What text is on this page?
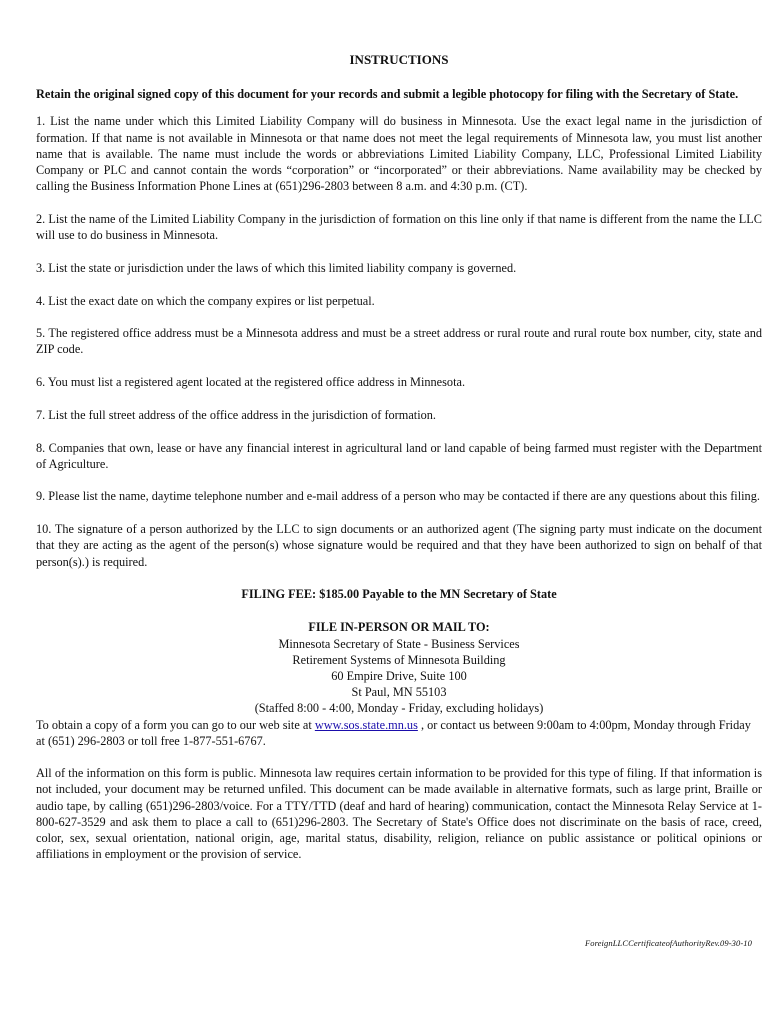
INSTRUCTIONS
Retain the original signed copy of this document for your records and submit a legible photocopy for filing with the Secretary of State.
1. List the name under which this Limited Liability Company will do business in Minnesota. Use the exact legal name in the jurisdiction of formation. If that name is not available in Minnesota or that name does not meet the legal requirements of Minnesota law, you must list another name that is available. The name must include the words or abbreviations Limited Liability Company, LLC, Professional Limited Liability Company or PLC and cannot contain the words “corporation” or “incorporated” or their abbreviations. Name availability may be checked by calling the Business Information Phone Lines at (651)296-2803 between 8 a.m. and 4:30 p.m. (CT).
2. List the name of the Limited Liability Company in the jurisdiction of formation on this line only if that name is different from the name the LLC will use to do business in Minnesota.
3. List the state or jurisdiction under the laws of which this limited liability company is governed.
4. List the exact date on which the company expires or list perpetual.
5. The registered office address must be a Minnesota address and must be a street address or rural route and rural route box number, city, state and ZIP code.
6. You must list a registered agent located at the registered office address in Minnesota.
7. List the full street address of the office address in the jurisdiction of formation.
8. Companies that own, lease or have any financial interest in agricultural land or land capable of being farmed must register with the Department of Agriculture.
9. Please list the name, daytime telephone number and e-mail address of a person who may be contacted if there are any questions about this filing.
10. The signature of a person authorized by the LLC to sign documents or an authorized agent (The signing party must indicate on the document that they are acting as the agent of the person(s) whose signature would be required and that they have been authorized to sign on behalf of that person(s).) is required.
FILING FEE: $185.00 Payable to the MN Secretary of State
FILE IN-PERSON OR MAIL TO:
Minnesota Secretary of State - Business Services
Retirement Systems of Minnesota Building
60 Empire Drive, Suite 100
St Paul, MN 55103
(Staffed 8:00 - 4:00, Monday - Friday, excluding holidays)
To obtain a copy of a form you can go to our web site at www.sos.state.mn.us , or contact us between 9:00am to 4:00pm, Monday through Friday at (651) 296-2803 or toll free 1-877-551-6767.
All of the information on this form is public. Minnesota law requires certain information to be provided for this type of filing. If that information is not included, your document may be returned unfiled. This document can be made available in alternative formats, such as large print, Braille or audio tape, by calling (651)296-2803/voice. For a TTY/TTD (deaf and hard of hearing) communication, contact the Minnesota Relay Service at 1-800-627-3529 and ask them to place a call to (651)296-2803. The Secretary of State's Office does not discriminate on the basis of race, creed, color, sex, sexual orientation, national origin, age, marital status, disability, religion, reliance on public assistance or political opinions or affiliations in employment or the provision of service.
ForeignLLCCertificateofAuthorityRev.09-30-10
